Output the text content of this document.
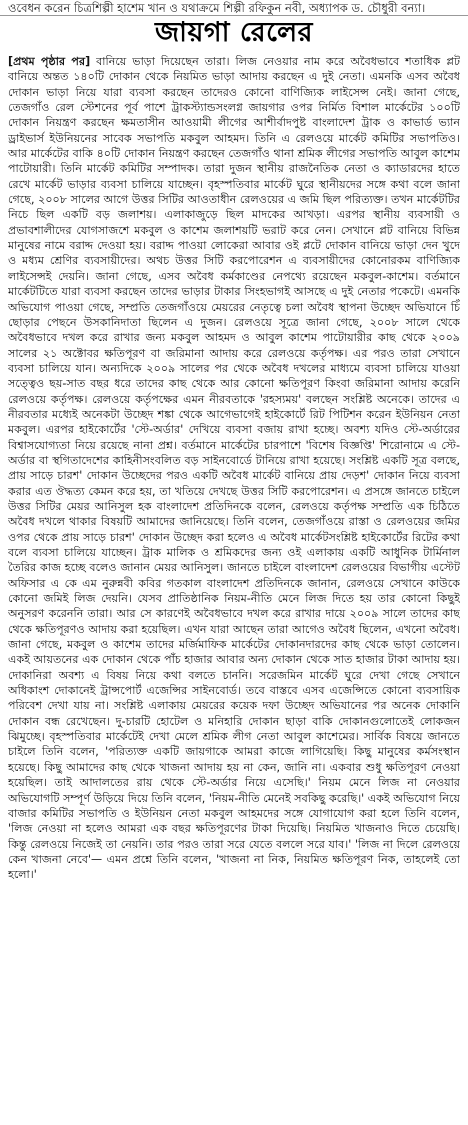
ওবেধন করেন চিত্রশিল্পী হাশেম খান ও যথাক্রমে শিল্পী রফিকুন নবী, অধ্যাপক ড. চৌধুরী বন্যা।
জায়গা রেলের

[প্রথম পৃষ্ঠার পর] বানিয়ে ভাড়া দিয়েছেন তারা। লিজ নেওয়ার নাম করে অবৈধভাবে শতাধিক প্লট বানিয়ে অন্তত ১৪০টি দোকান থেকে নিয়মিত ভাড়া আদায় করছেন এ দুই নেতা। এমনকি এসব অবৈধ দোকান ভাড়া নিয়ে যারা ব্যবসা করছেন তাদেরও কোনো বাণিজ্যিক লাইসেন্স নেই। জানা গেছে, তেজগাঁও রেল স্টেশনের পূর্ব পাশে ট্রাকস্ট্যান্ডসংলগ্ন জায়গার ওপর নির্মিত বিশাল মার্কেটের ১০০টি দোকান নিয়ন্ত্রণ করছেন ক্ষমতাসীন আওয়ামী লীগের আশীর্বাদপুষ্ট বাংলাদেশ ট্রাক ও কাভার্ড ভ্যান ড্রাইভার্স ইউনিয়নের সাবেক সভাপতি মকবুল আহমদ। তিনি এ রেলওয়ে মার্কেট কমিটির সভাপতিও। আর মার্কেটের বাকি ৪০টি দোকান নিয়ন্ত্রণ করছেন তেজগাঁও থানা শ্রমিক লীগের সভাপতি আবুল কাশেম পাটোয়ারী। তিনি মার্কেট কমিটির সম্পাদক। তারা দুজন স্থানীয় রাজনৈতিক নেতা ও ক্যাডারদের হাতে রেখে মার্কেট ভাড়ার ব্যবসা চালিয়ে যাচ্ছেন। বৃহস্পতিবার মার্কেট ঘুরে স্থানীয়দের সঙ্গে কথা বলে জানা গেছে, ২০০৮ সালের আগে উত্তর সিটির আওতাধীন রেলওয়ের এ জমি ছিল পরিত্যক্ত। তখন মার্কেটটির নিচে ছিল একটি বড় জলাশয়। এলাকাজুড়ে ছিল মাদকের আখড়া। এরপর স্থানীয় ব্যবসায়ী ও প্রভাবশালীদের যোগসাজশে মকবুল ও কাশেম জলাশয়টি ভরাট করে নেন। সেখানে প্লট বানিয়ে বিভিন্ন মানুষের নামে বরাদ্দ দেওয়া হয়। বরাদ্দ পাওয়া লোকেরা আবার ওই প্লটে দোকান বানিয়ে ভাড়া দেন খুদে ও মধ্যম শ্রেণির ব্যবসায়ীদের। অথচ উত্তর সিটি করপোরেশন এ ব্যবসায়ীদের কোনোরকম বাণিজ্যিক লাইসেন্সই দেয়নি। জানা গেছে, এসব অবৈধ কর্মকাণ্ডের নেপথ্যে রয়েছেন মকবুল-কাশেম। বর্তমানে মার্কেটটিতে যারা ব্যবসা করছেন তাদের ভাড়ার টাকার সিংহভাগই আসছে এ দুই নেতার পকেটে। এমনকি অভিযোগ পাওয়া গেছে, সম্প্রতি তেজগাঁওয়ে মেয়রের নেতৃত্বে চলা অবৈধ স্থাপনা উচ্ছেদ অভিযানে চিঁ ছোড়ার পেছনে উসকানিদাতা ছিলেন এ দুজন। রেলওয়ে সূত্রে জানা গেছে, ২০০৮ সালে থেকে অবৈধভাবে দখল করে রাখার জন্য মকবুল আহমদ ও আবুল কাশেম পাটোয়ারীর কাছ থেকে ২০০৯ সালের ২১ অক্টোবর ক্ষতিপূরণ বা জরিমানা আদায় করে রেলওয়ে কর্তৃপক্ষ। এর পরও তারা সেখানে ব্যবসা চালিয়ে যান। অন্যদিকে ২০০৯ সালের পর থেকে অবৈধ দখলের মাধ্যমে ব্যবসা চালিয়ে যাওয়া সত্ত্বেও ছয়-সাত বছর ধরে তাদের কাছ থেকে আর কোনো ক্ষতিপূরণ কিংবা জরিমানা আদায় করেনি রেলওয়ে কর্তৃপক্ষ। রেলওয়ে কর্তৃপক্ষের এমন নীরবতাকে 'রহস্যময়' বলছেন সংশ্লিষ্ট অনেকে। তাদের এ নীরবতার মধ্যেই অনেকটা উচ্ছেদ শঙ্কা থেকে আগেভাগেই হাইকোর্টে রিট পিটিশন করেন ইউনিয়ন নেতা মকবুল। এরপর হাইকোর্টের 'স্টে-অর্ডার' দেখিয়ে ব্যবসা বজায় রাখা হচ্ছে। অবশ্য যদিও স্টে-অর্ডারের বিশ্বাসযোগ্যতা নিয়ে রয়েছে নানা প্রশ্ন। বর্তমানে মার্কেটের চারপাশে 'বিশেষ বিজ্ঞপ্তি' শিরোনামে এ স্টে-অর্ডার বা স্থগিতাদেশের কাহিনীসংবলিত বড় সাইনবোর্ডে টানিয়ে রাখা হয়েছে। সংশ্লিষ্ট একটি সূত্র বলছে, প্রায় সাড়ে চারশ' দোকান উচ্ছেদের পরও একটি অবৈধ মার্কেট বানিয়ে প্রায় দেড়শ' দোকান নিয়ে ব্যবসা করার এত ঔদ্ধত্য কেমন করে হয়, তা খতিয়ে দেখছে উত্তর সিটি করপোরেশন। এ প্রসঙ্গে জানতে চাইলে উত্তর সিটির মেয়র আনিসুল হক বাংলাদেশ প্রতিদিনকে বলেন, রেলওয়ে কর্তৃপক্ষ সম্প্রতি এক চিঠিতে অবৈধ দখলে থাকার বিষয়টি আমাদের জানিয়েছে। তিনি বলেন, তেজগাঁওয়ে রাস্তা ও রেলওয়ের জমির ওপর থেকে প্রায় সাড়ে চারশ' দোকান উচ্ছেদ করা হলেও এ অবৈধ মার্কেটসংশ্লিষ্ট হাইকোর্টের রিটের কথা বলে ব্যবসা চালিয়ে যাচ্ছেন। ট্রাক মালিক ও শ্রমিকদের জন্য ওই এলাকায় একটি আধুনিক টার্মিনাল তৈরির কাজ হচ্ছে বলেও জানান মেয়র আনিসুল। জানতে চাইলে বাংলাদেশ রেলওয়ের বিভাগীয় এস্টেট অফিসার এ কে এম নুরুন্নবী কবির গতকাল বাংলাদেশ প্রতিদিনকে জানান, রেলওয়ে সেখানে কাউকে কোনো জমিই লিজ দেয়নি। যেসব প্রাতিষ্ঠানিক নিয়ম-নীতি মেনে লিজ দিতে হয় তার কোনো কিছুই অনুসরণ করেননি তারা। আর সে কারণেই অবৈধভাবে দখল করে রাখার দায়ে ২০০৯ সালে তাদের কাছ থেকে ক্ষতিপূরণও আদায় করা হয়েছিল। এখন যারা আছেন তারা আগেও অবৈধ ছিলেন, এখনো অবৈধ। জানা গেছে, মকবুল ও কাশেম তাদের মর্জিমাফিক মার্কেটের দোকানদারদের কাছ থেকে ভাড়া তোলেন। একই আয়তনের এক দোকান থেকে পাঁচ হাজার আবার অন্য দোকান থেকে সাত হাজার টাকা আদায় হয়। দোকানিরা অবশ্য এ বিষয় নিয়ে কথা বলতে চাননি। সরেজমিন মার্কেট ঘুরে দেখা গেছে সেখানে অধিকাংশ দোকানেই ট্রান্সপোর্ট এজেন্সির সাইনবোর্ড। তবে বাস্তবে এসব এজেন্সিতে কোনো ব্যবসায়িক পরিবেশ দেখা যায় না। সংশ্লিষ্ট এলাকায় মেয়রের কয়েক দফা উচ্ছেদ অভিযানের পর অনেক দোকানি দোকান বন্ধ রেখেছেন। দু-চারটি হোটেল ও মনিহারি দোকান ছাড়া বাকি দোকানগুলোতেই লোকজন ঝিমুচ্ছে। বৃহস্পতিবার মার্কেটেই দেখা মেলে শ্রমিক লীগ নেতা আবুল কাশেমের। সার্বিক বিষয়ে জানতে চাইলে তিনি বলেন, 'পরিত্যক্ত একটি জায়গাকে আমরা কাজে লাগিয়েছি। কিছু মানুষের কর্মসংস্থান হয়েছে। কিছু আমাদের কাছ থেকে খাজনা আদায় হয় না কেন, জানি না। একবার শুধু ক্ষতিপূরণ নেওয়া হয়েছিল। তাই আদালতের রায় থেকে স্টে-অর্ডার নিয়ে এসেছি।' নিয়ম মেনে লিজ না নেওয়ার অভিযোগটি সম্পূর্ণ উড়িয়ে দিয়ে তিনি বলেন, 'নিয়ম-নীতি মেনেই সবকিছু করেছি।' একই অভিযোগ নিয়ে বাজার কমিটির সভাপতি ও ইউনিয়ন নেতা মকবুল আহমদের সঙ্গে যোগাযোগ করা হলে তিনি বলেন, 'লিজ নেওয়া না হলেও আমরা এক বছর ক্ষতিপূরণের টাকা দিয়েছি। নিয়মিত খাজনাও দিতে চেয়েছি। কিন্তু রেলওয়ে নিজেই তা নেয়নি। তার পরও তারা সরে যেতে বললে সরে যাব।' 'লিজ না দিলে রেলওয়ে কেন খাজনা নেবে'— এমন প্রশ্নে তিনি বলেন, 'খাজনা না নিক, নিয়মিত ক্ষতিপূরণ নিক, তাহলেই তো হলো।'
